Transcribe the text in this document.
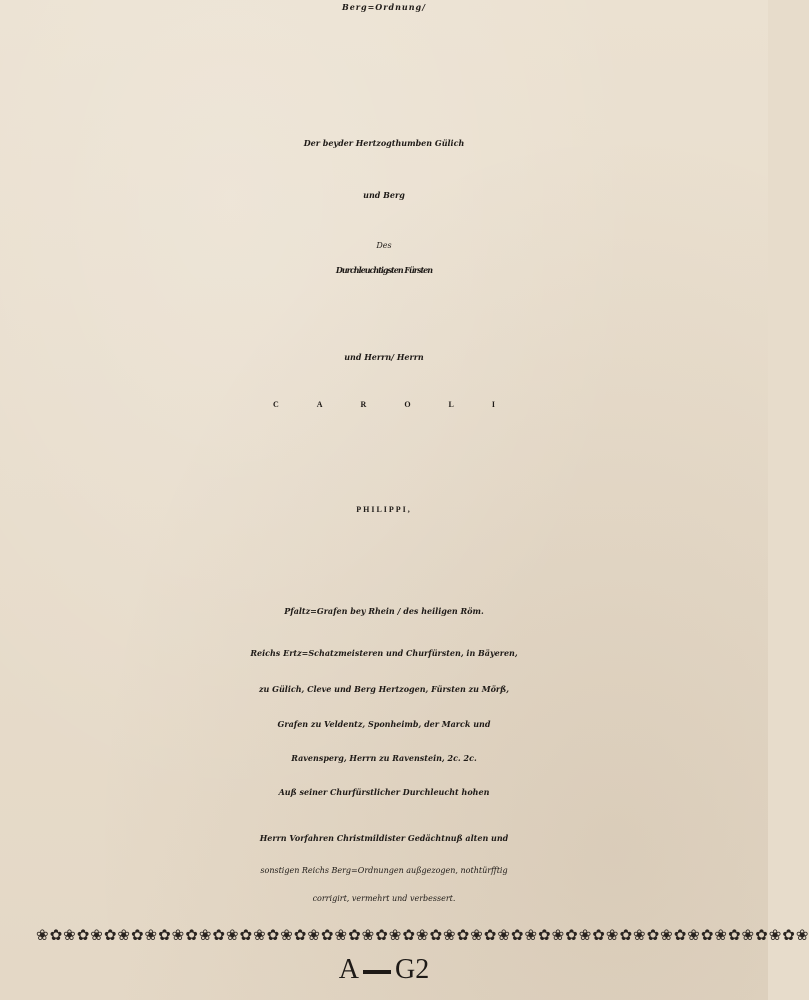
Berg=Ordnung/
Der beyder Hertzogthumben Gülich
und Berg
Des
Durchleuchtigsten Fürsten
und Herrn/ Herrn
CAROLI
PHILIPPI,
Pfaltz=Grafen bey Rhein / des heiligen Röm.
Reichs Ertz=Schatzmeisteren und Churfürsten, in Bäyeren,
zu Gülich, Cleve und Berg Hertzogen, Fürsten zu Mörß,
Grafen zu Veldentz, Sponheimb, der Marck und
Ravensperg, Herrn zu Ravenstein, 2c. 2c.
Auß seiner Churfürstlicher Durchleucht hohen
Herrn Vorfahren Christmildister Gedächtnuß alten und
sonstigen Reichs Berg=Ordnungen außgezogen, nothtürfftig
corrigirt, vermehrt und verbessert.
❀✿❀✿❀✿❀✿❀✿❀✿❀✿❀✿❀✿❀✿❀✿❀✿❀✿❀✿❀✿❀✿❀✿❀✿❀✿❀✿❀✿❀✿❀✿❀✿❀✿❀✿❀✿❀✿❀
A G2
